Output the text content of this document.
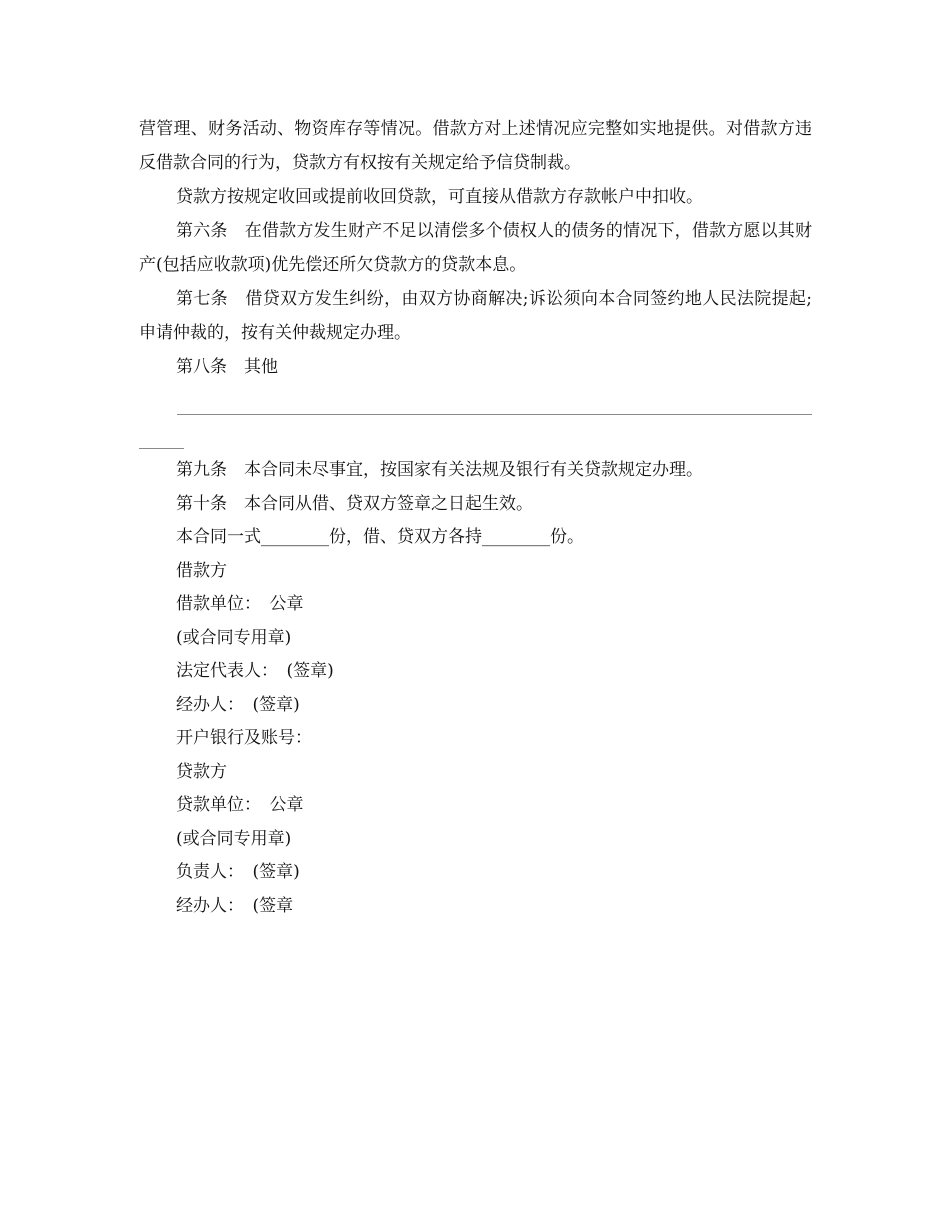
营管理、财务活动、物资库存等情况。借款方对上述情况应完整如实地提供。对借款方违反借款合同的行为，贷款方有权按有关规定给予信贷制裁。

贷款方按规定收回或提前收回贷款，可直接从借款方存款帐户中扣收。

第六条　在借款方发生财产不足以清偿多个债权人的债务的情况下，借款方愿以其财产(包括应收款项)优先偿还所欠贷款方的贷款本息。

第七条　借贷双方发生纠纷，由双方协商解决;诉讼须向本合同签约地人民法院提起;申请仲裁的，按有关仲裁规定办理。

第八条　其他

第九条　本合同未尽事宜，按国家有关法规及银行有关贷款规定办理。

第十条　本合同从借、贷双方签章之日起生效。

本合同一式________份，借、贷双方各持________份。

借款方

借款单位：　公章

(或合同专用章)

法定代表人：　(签章)

经办人：　(签章)

开户银行及账号：

贷款方

贷款单位：　公章

(或合同专用章)

负责人：　(签章)

经办人：　(签章
